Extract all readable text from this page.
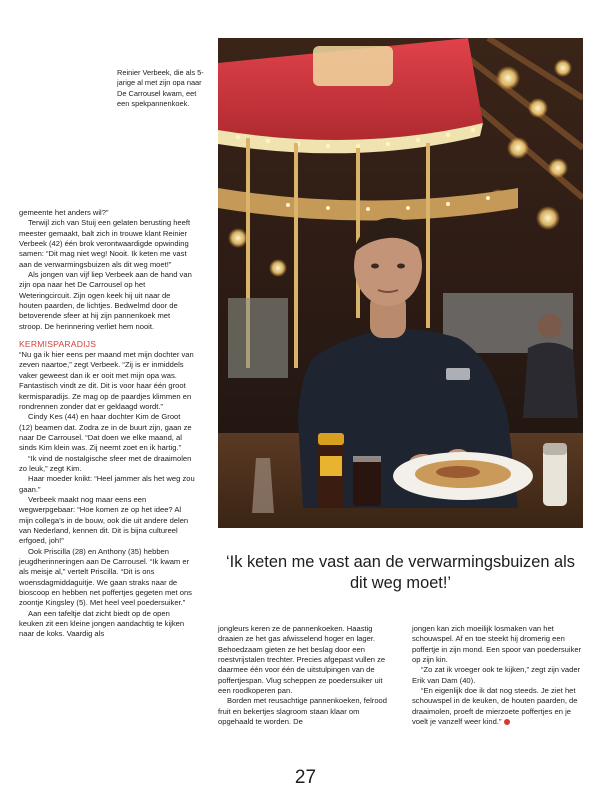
Reinier Verbeek, die als 5-jarige al met zijn opa naar De Carrousel kwam, eet een spekpannenkoek.

gemeente het anders wil?”

Terwijl zich van Stuij een gelaten berusting heeft meester gemaakt, balt zich in trouwe klant Reinier Verbeek (42) één brok verontwaardigde opwinding samen: “Dit mag niet weg! Nooit. Ik keten me vast aan de verwarmingsbuizen als dit weg moet!”

Als jongen van vijf liep Verbeek aan de hand van zijn opa naar het De Carrousel op het Weteringcircuit. Zijn ogen keek hij uit naar de houten paarden, de lichtjes. Bedwelmd door de betoverende sfeer at hij zijn pannenkoek met stroop. De herinnering verliet hem nooit.

KERMISPARADIJS

“Nu ga ik hier eens per maand met mijn dochter van zeven naartoe,” zegt Verbeek. “Zij is er inmiddels vaker geweest dan ik er ooit met mijn opa was. Fantastisch vindt ze dit. Dit is voor haar één groot kermisparadijs. Ze mag op de paardjes klimmen en rondrennen zonder dat er geklaagd wordt.”

Cindy Kes (44) en haar dochter Kim de Groot (12) beamen dat. Zodra ze in de buurt zijn, gaan ze naar De Carrousel. “Dat doen we elke maand, al sinds Kim klein was. Zij neemt zoet en ik hartig.”

“Ik vind de nostalgische sfeer met de draaimolen zo leuk,” zegt Kim.

Haar moeder knikt: “Heel jammer als het weg zou gaan.”

Verbeek maakt nog maar eens een wegwerpgebaar: “Hoe komen ze op het idee? Al mijn collega’s in de bouw, ook die uit andere delen van Nederland, kennen dit. Dit is bijna cultureel erfgoed, joh!”

Ook Priscilla (28) en Anthony (35) hebben jeugdherinneringen aan De Carrousel. “Ik kwam er als meisje al,” vertelt Priscilla. “Dit is ons woensdagmiddaguitje. We gaan straks naar de bioscoop en hebben net poffertjes gegeten met ons zoontje Kingsley (5). Met heel veel poedersuiker.”

Aan een tafeltje dat zicht biedt op de open keuken zit een kleine jongen aandachtig te kijken naar de koks. Vaardig als

‘Ik keten me vast aan de verwarmingsbuizen als dit weg moet!’

jongleurs keren ze de pannenkoeken. Haastig draaien ze het gas afwisselend hoger en lager. Behoedzaam gieten ze het beslag door een roestvrijstalen trechter. Precies afgepast vullen ze daarmee één voor één de uitstulpingen van de poffertjespan. Vlug scheppen ze poedersuiker uit een roodkoperen pan.

Borden met reusachtige pannenkoeken, felrood fruit en bekertjes slagroom staan klaar om opgehaald te worden. De

jongen kan zich moeilijk losmaken van het schouwspel. Af en toe steekt hij dromerig een poffertje in zijn mond. Een spoor van poedersuiker op zijn kin.

“Zo zat ik vroeger ook te kijken,” zegt zijn vader Erik van Dam (40).

“En eigenlijk doe ik dat nog steeds. Je ziet het schouwspel in de keuken, de houten paarden, de draaimolen, proeft de mierzoete poffertjes en je voelt je vanzelf weer kind.”

27
